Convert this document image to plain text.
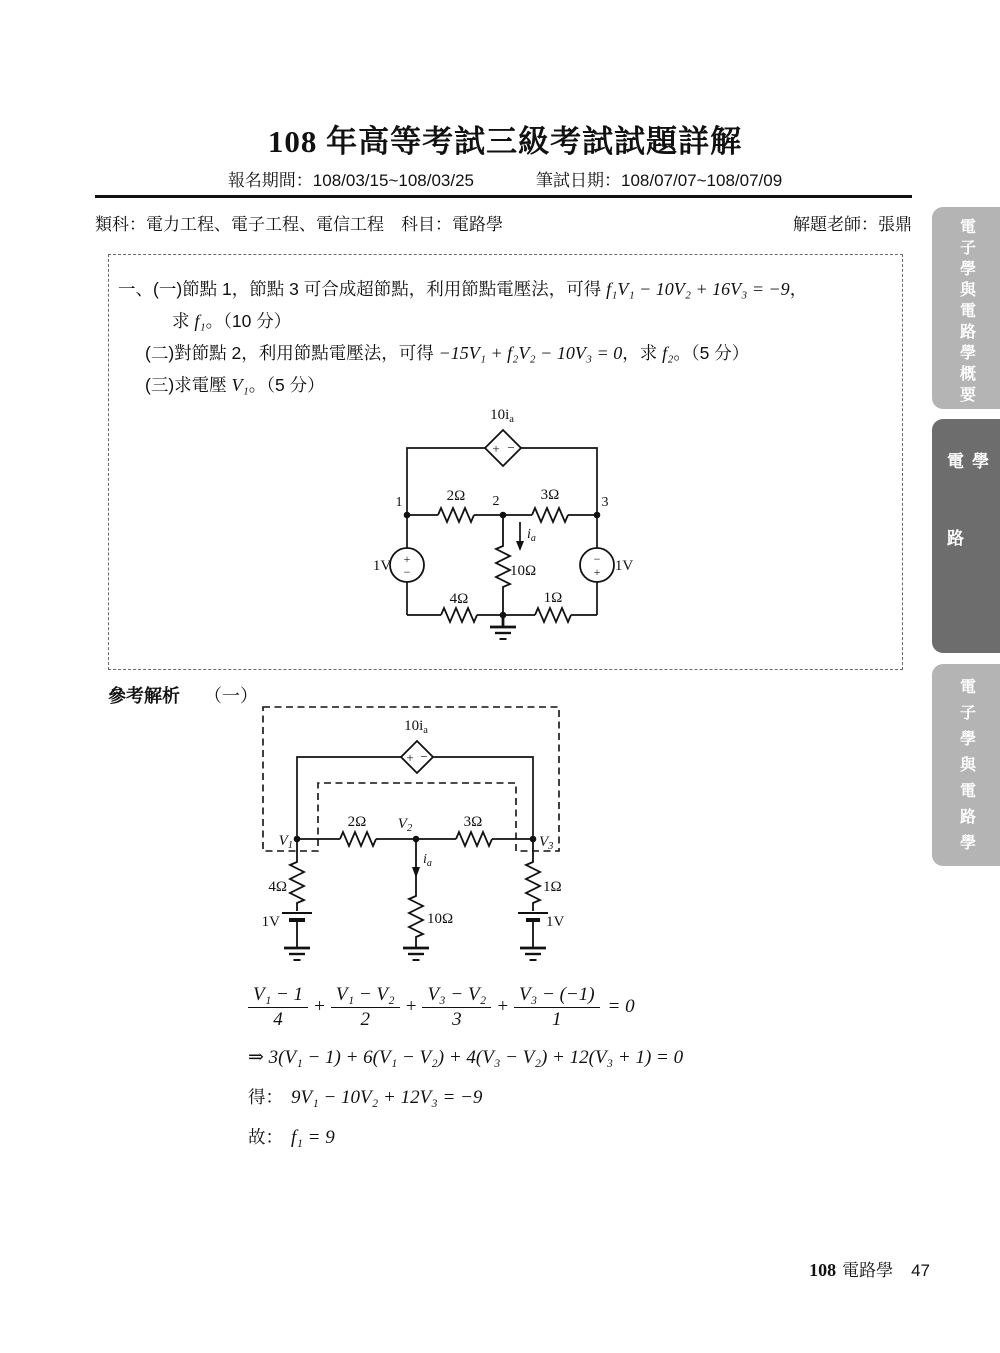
108 年高等考試三級考試試題詳解
報名期間：108/03/15~108/03/25	筆試日期：108/07/07~108/07/09
類科：電力工程、電子工程、電信工程　科目：電路學	解題老師：張鼎
一、(一)節點 1，節點 3 可合成超節點，利用節點電壓法，可得 f₁V₁ − 10V₂ + 16V₃ = −9，
求 f₁。（10 分）
(二)對節點 2，利用節點電壓法，可得 −15V₁ + f₂V₂ − 10V₃ = 0，求 f₂。（5 分）
(三)求電壓 V₁。（5 分）
$10i_a$
+ −
1	2	3
2Ω	3Ω
1V	1V
+
−
−
+
10Ω
4Ω	1Ω
$i_a$
參考解析 （一）
$10i_a$
+ −
$V_1$
$V_2$
$V_3$
2Ω	3Ω
4Ω
10Ω
1Ω
1V	1V
$i_a$
$\frac{\text{V₁ − 1}}{4} + \frac{\text{V₁ − V₂}}{2} + \frac{\text{V₃ − V₂}}{3} + \frac{\text{V₃ − (−1)}}{1} = 0$
⇒ 3(V₁ − 1) + 6(V₁ − V₂) + 4(V₃ − V₂) + 12(V₃ + 1) = 0
得： 9V₁ − 10V₂ + 12V₃ = −9
故： f₁ = 9
108 電路學 47
電子學與電路學概要
電路學
電子學與電路學
